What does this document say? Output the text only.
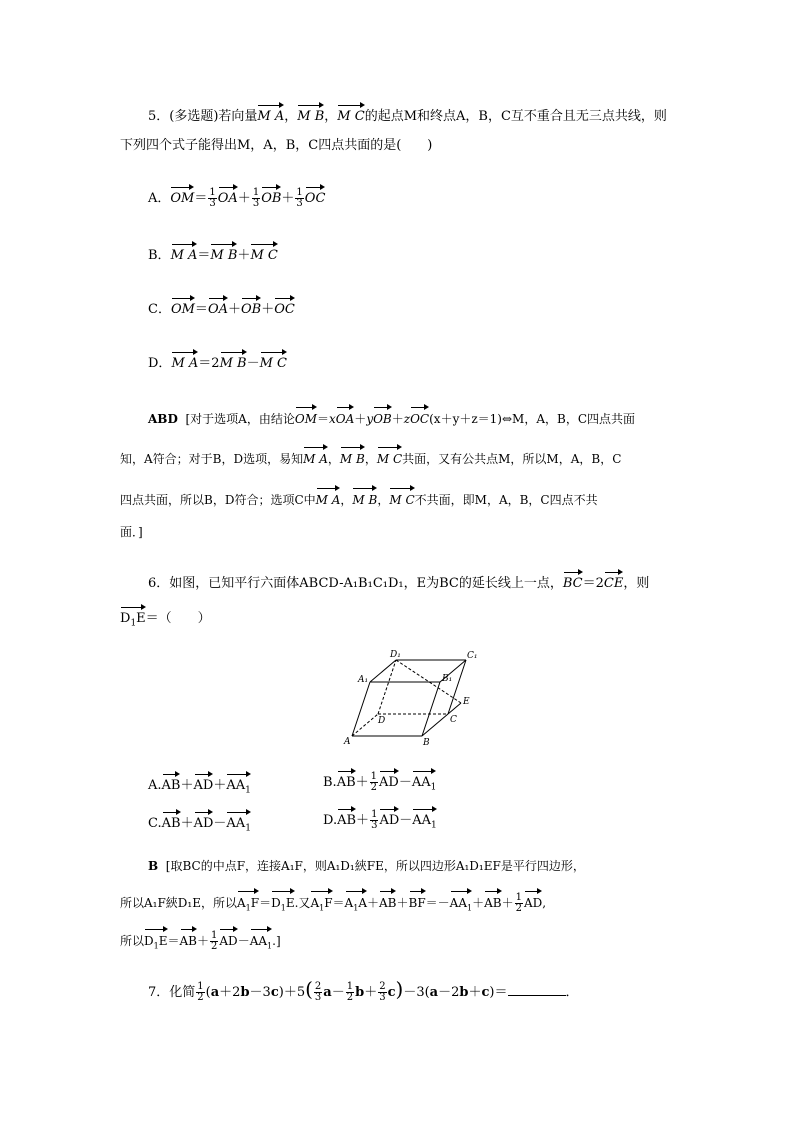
5．(多选题)若向量M A，M B，M C的起点M和终点A，B，C互不重合且无三点共线，则
下列四个式子能得出M，A，B，C四点共面的是(　　)
A．$OM= \frac{1}{3} OA+ \frac{1}{3} OB+ \frac{1}{3}$ OC
B．M A＝M B＋M C
C．OM＝OA＋OB＋OC
D．M A＝2M B－M C
ABD [对于选项A，由结论OM＝xOA＋yOB＋zOC(x＋y＋z＝1)⇔M，A，B，C四点共面
知，A符合；对于B，D选项，易知M A，M B，M C共面，又有公共点M，所以M，A，B，C
四点共面，所以B，D符合；选项C中M A，M B，M C不共面，即M，A，B，C四点不共
面．]
6．如图，已知平行六面体ABCD-A₁B₁C₁D₁，E为BC的延长线上一点，BC＝2CE，则
$D_1E=$（　　）
D₁	C₁
A₁	B₁
D
E
C
A	B
$A.AB+AD+AA_1$
$B.AB+ \frac{1}{2} AD-AA_1$
$C.AB+AD-AA_1$
$D.AB+ \frac{1}{3} AD-AA_1$
B [取BC的中点F，连接A₁F，则A₁D₁綊FE，所以四边形A₁D₁EF是平行四边形，
所以A₁F綊D₁E，所以$A_1F=D_1E$.又$A_1F=A_1A+AB+BF=-AA_1+AB+ \frac{1}{2}$ AD,
所以$D_1E=AB+ \frac{1}{2} AD-AA_1$.]
7．化简 $\frac{1}{2} (a+2b-3c)+5( \frac{2}{3} a- \frac{1}{2} b+ \frac{2}{3} c)-3(a-2b+c)=$	．
